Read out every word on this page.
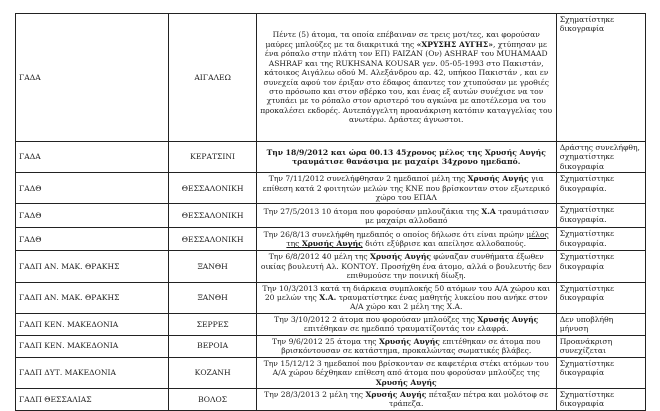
ΓΑΔΑ	ΑΙΓΑΛΕΩ	Πέντε (5) άτομα, τα οποία επέβαιναν σε τρεις μοτ/τες, και φορούσαν μαύρες μπλούζες με τα διακριτικά της «ΧΡΥΣΗΣ ΑΥΓΗΣ», χτύπησαν με ένα ρόπαλο στην πλάτη τον ΕΠ) FAIZAN (Ον) ASHRAF του MUHAMAAD ASHRAF και της RUKHSANA KOUSAR γεν. 05-05-1993 στο Πακιστάν, κάτοικος Αιγάλεω οδού Μ. Αλεξάνδρου αρ. 42, υπήκοο Πακιστάν , και εν συνεχεία αφού τον έριξαν στο έδαφος άπαντες τον χτυπούσαν με γροθιές στο πρόσωπο και στον σβέρκο του, και ένας εξ αυτών συνέχισε να τον χτυπάει με το ρόπαλο στον αριστερό του αγκώνα με αποτέλεσμα να του προκαλέσει εκδορές. Αυτεπάγγελτη προανάκριση κατόπιν καταγγελίας του ανωτέρω. Δράστες άγνωστοι.	Σχηματίστηκε δικογραφία
ΓΑΔΑ	ΚΕΡΑΤΣΙΝΙ	Την 18/9/2012 και ώρα 00.13 45χρονος μέλος της Χρυσής Αυγής τραυμάτισε θανάσιμα με μαχαίρι 34χρονο ημεδαπό.	Δράστης συνελήφθη, σχηματίστηκε δικογραφία
ΓΑΔΘ	ΘΕΣΣΑΛΟΝΙΚΗ	Την 7/11/2012 συνελήφθησαν 2 ημεδαποί μέλη της Χρυσής Αυγής για επίθεση κατά 2 φοιτητών μελών της ΚΝΕ που βρίσκονταν στον εξωτερικό χώρο του ΕΠΑΛ	Σχηματίστηκε δικογραφία.
ΓΑΔΘ	ΘΕΣΣΑΛΟΝΙΚΗ	Την 27/5/2013 10 άτομα που φορούσαν μπλουζάκια της Χ.Α τραυμάτισαν με μαχαίρι αλλοδαπό	Σχηματίστηκε δικογραφία.
ΓΑΔΘ	ΘΕΣΣΑΛΟΝΙΚΗ	Την 26/8/13 συνελήφθη ημεδαπός ο οποίος δήλωσε ότι είναι πρώην μέλος της Χρυσής Αυγής διότι εξύβρισε και απείλησε αλλοδαπούς.	Σχηματίστηκε δικογραφία.
ΓΑΔΠ ΑΝ. ΜΑΚ. ΘΡΑΚΗΣ	ΞΑΝΘΗ	Την 6/8/2012 40 μέλη της Χρυσής Αυγής φώναζαν συνθήματα έξωθεν οικίας βουλευτή Αλ. ΚΟΝΤΟΥ. Προσήχθη ένα άτομο, αλλά ο βουλευτής δεν επιθυμούσε την ποινική δίωξη.	Σχηματίστηκε δικογραφία
ΓΑΔΠ ΑΝ. ΜΑΚ. ΘΡΑΚΗΣ	ΞΑΝΘΗ	Την 10/3/2013 κατά τη διάρκεια συμπλοκής 50 ατόμων του Α/Α χώρου και 20 μελών της Χ.Α. τραυματίστηκε ένας μαθητής λυκείου που ανήκε στον Α/Α χώρο και 2 μέλη της Χ.Α.	Σχηματίστηκε δικογραφία
ΓΑΔΠ ΚΕΝ. ΜΑΚΕΔΟΝΙΑ	ΣΕΡΡΕΣ	Την 3/10/2012 2 άτομα που φορούσαν μπλούζες της Χρυσής Αυγής επιτέθηκαν σε ημεδαπό τραυματίζοντάς τον ελαφρά.	Δεν υποβλήθη μήνυση
ΓΑΔΠ ΚΕΝ. ΜΑΚΕΔΟΝΙΑ	ΒΕΡΟΙΑ	Την 9/6/2012 25 άτομα της Χρυσής Αυγής επιτέθηκαν σε άτομα που βρισκόντουσαν σε κατάστημα, προκαλώντας σωματικές βλάβες.	Προανάκριση συνεχίζεται
ΓΑΔΠ ΔΥΤ. ΜΑΚΕΔΟΝΙΑ	ΚΟΖΑΝΗ	Την 15/12/12 3 ημεδαποί που βρίσκονταν σε καφετέρια στέκι ατόμων του Α/Α χώρου δέχθηκαν επίθεση από άτομα που φορούσαν μπλούζες της Χρυσής Αυγής	Σχηματίστηκε δικογραφία
ΓΑΔΠ ΘΕΣΣΑΛΙΑΣ	ΒΟΛΟΣ	Την 28/3/2013 2 μέλη της Χρυσής Αυγής πέταξαν πέτρα και μολότοφ σε τράπεζα.	Σχηματίστηκε δικογραφία
